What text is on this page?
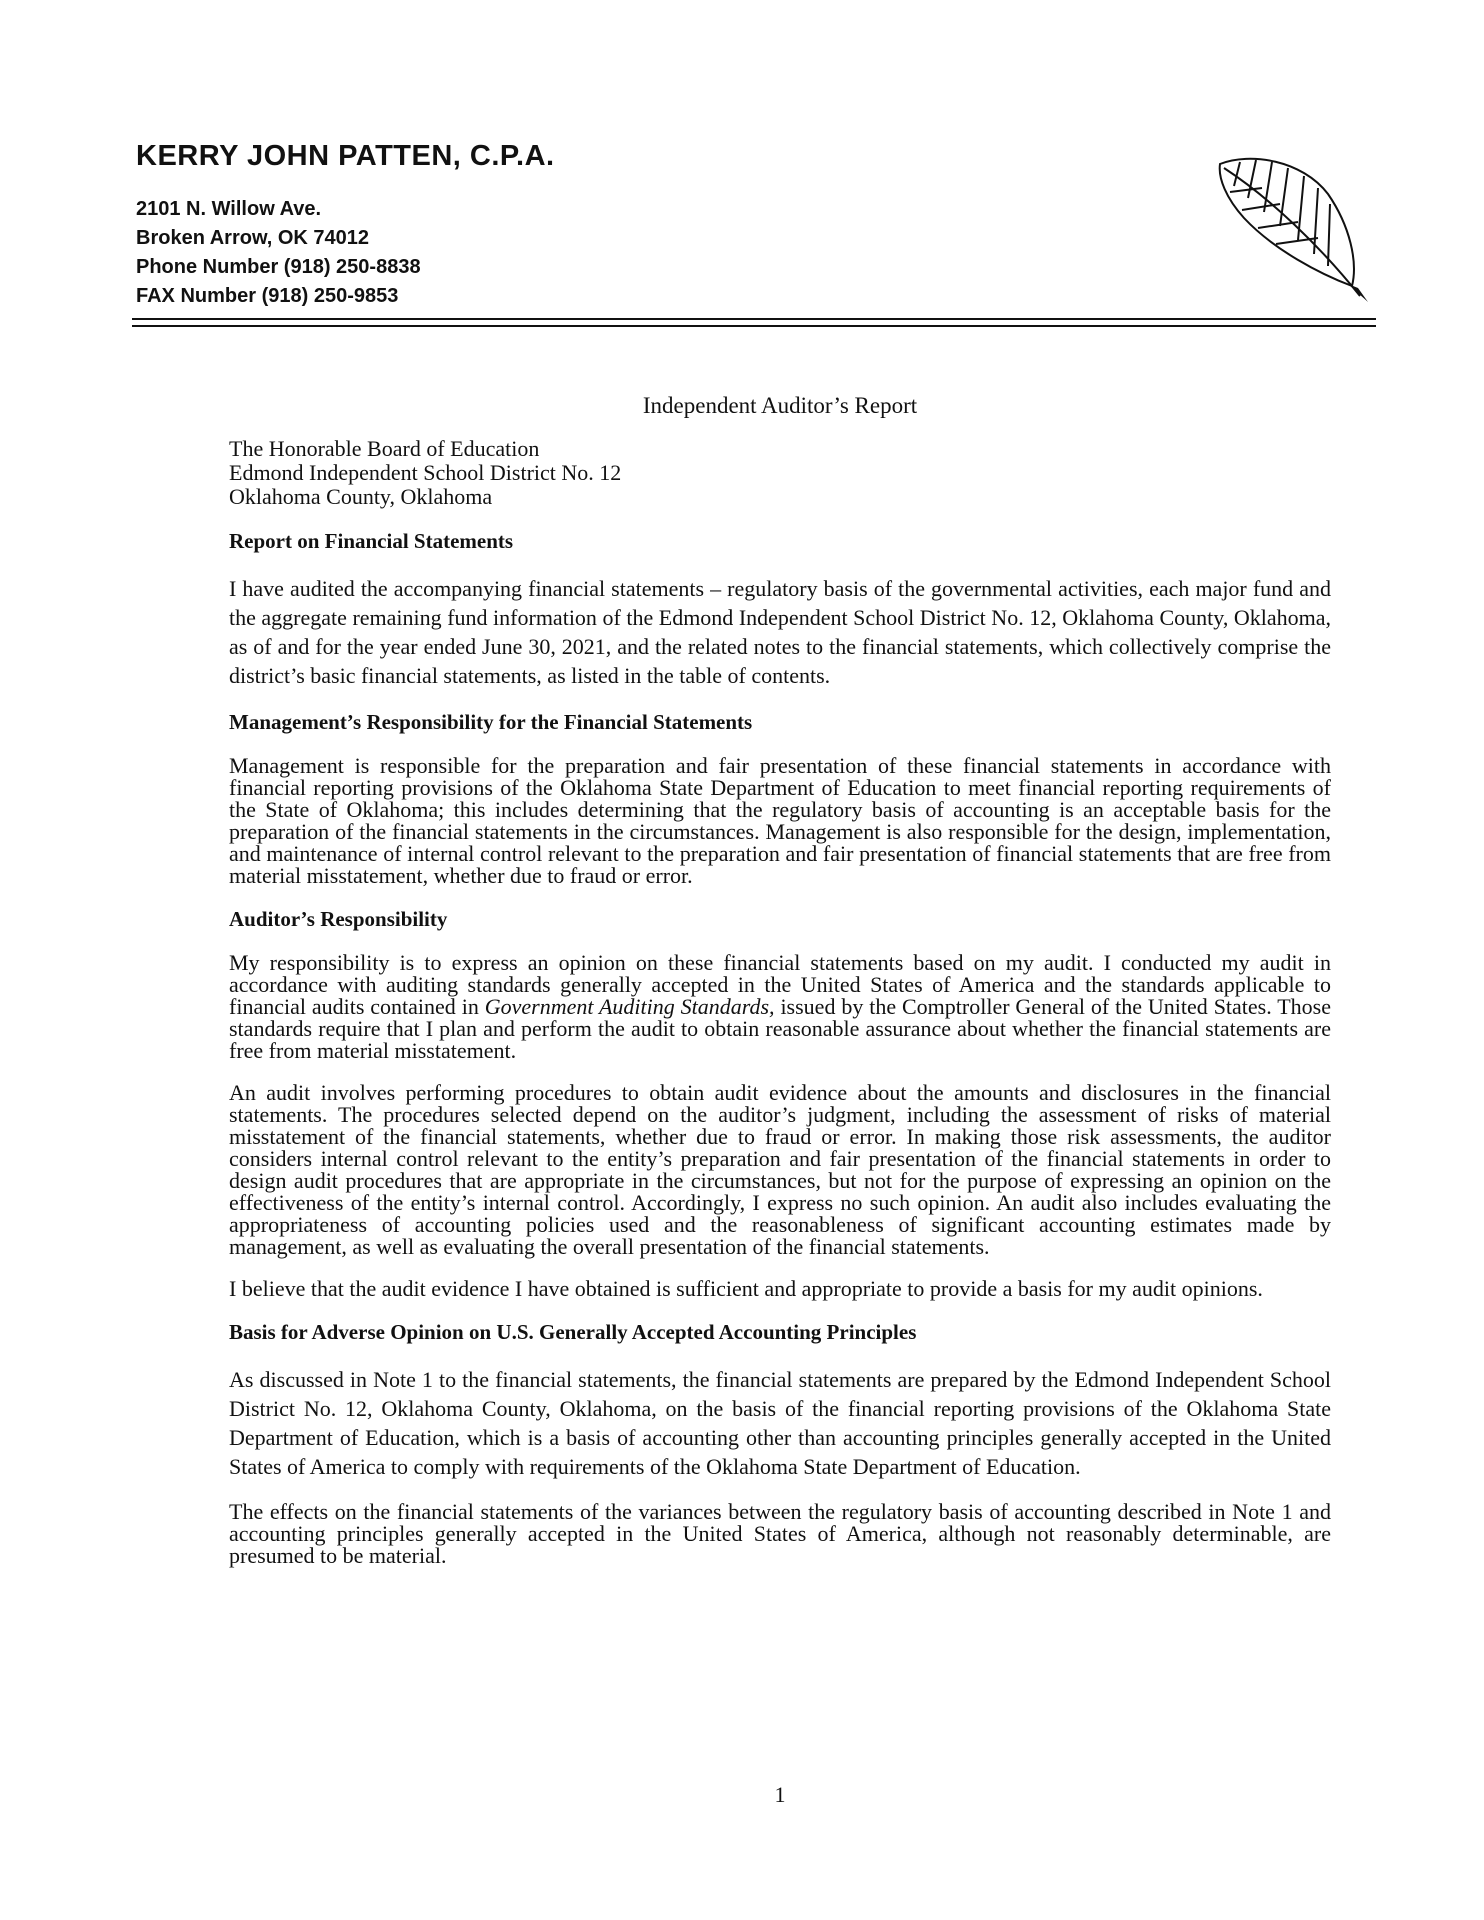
KERRY JOHN PATTEN, C.P.A.
2101 N. Willow Ave.
Broken Arrow, OK 74012
Phone Number (918) 250-8838
FAX Number (918) 250-9853
Independent Auditor’s Report
The Honorable Board of Education
Edmond Independent School District No. 12
Oklahoma County, Oklahoma
Report on Financial Statements

I have audited the accompanying financial statements – regulatory basis of the governmental activities, each major fund and the aggregate remaining fund information of the Edmond Independent School District No. 12, Oklahoma County, Oklahoma, as of and for the year ended June 30, 2021, and the related notes to the financial statements, which collectively comprise the district’s basic financial statements, as listed in the table of contents.

Management’s Responsibility for the Financial Statements

Management is responsible for the preparation and fair presentation of these financial statements in accordance with financial reporting provisions of the Oklahoma State Department of Education to meet financial reporting requirements of the State of Oklahoma; this includes determining that the regulatory basis of accounting is an acceptable basis for the preparation of the financial statements in the circumstances. Management is also responsible for the design, implementation, and maintenance of internal control relevant to the preparation and fair presentation of financial statements that are free from material misstatement, whether due to fraud or error.

Auditor’s Responsibility

My responsibility is to express an opinion on these financial statements based on my audit. I conducted my audit in accordance with auditing standards generally accepted in the United States of America and the standards applicable to financial audits contained in Government Auditing Standards, issued by the Comptroller General of the United States. Those standards require that I plan and perform the audit to obtain reasonable assurance about whether the financial statements are free from material misstatement.

An audit involves performing procedures to obtain audit evidence about the amounts and disclosures in the financial statements. The procedures selected depend on the auditor’s judgment, including the assessment of risks of material misstatement of the financial statements, whether due to fraud or error. In making those risk assessments, the auditor considers internal control relevant to the entity’s preparation and fair presentation of the financial statements in order to design audit procedures that are appropriate in the circumstances, but not for the purpose of expressing an opinion on the effectiveness of the entity’s internal control. Accordingly, I express no such opinion. An audit also includes evaluating the appropriateness of accounting policies used and the reasonableness of significant accounting estimates made by management, as well as evaluating the overall presentation of the financial statements.

I believe that the audit evidence I have obtained is sufficient and appropriate to provide a basis for my audit opinions.

Basis for Adverse Opinion on U.S. Generally Accepted Accounting Principles

As discussed in Note 1 to the financial statements, the financial statements are prepared by the Edmond Independent School District No. 12, Oklahoma County, Oklahoma, on the basis of the financial reporting provisions of the Oklahoma State Department of Education, which is a basis of accounting other than accounting principles generally accepted in the United States of America to comply with requirements of the Oklahoma State Department of Education.

The effects on the financial statements of the variances between the regulatory basis of accounting described in Note 1 and accounting principles generally accepted in the United States of America, although not reasonably determinable, are presumed to be material.

1
